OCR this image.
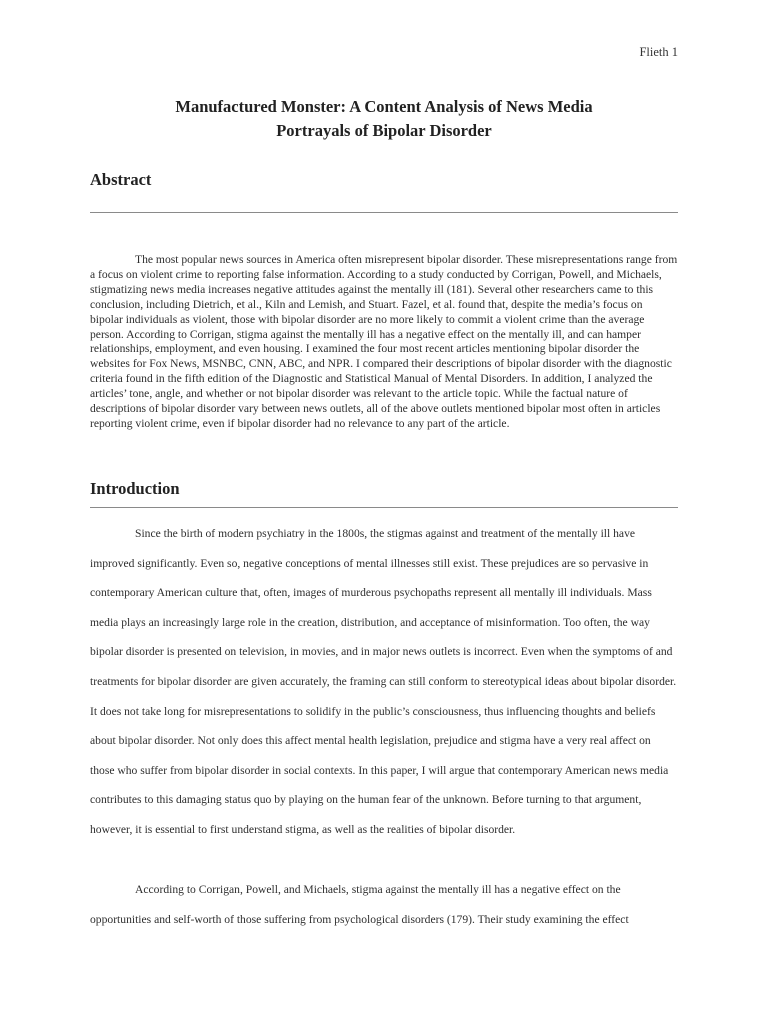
Flieth 1
Manufactured Monster: A Content Analysis of News Media
Portrayals of Bipolar Disorder
Abstract
The most popular news sources in America often misrepresent bipolar disorder. These misrepresentations range from a focus on violent crime to reporting false information. According to a study conducted by Corrigan, Powell, and Michaels, stigmatizing news media increases negative attitudes against the mentally ill (181). Several other researchers came to this conclusion, including Dietrich, et al., Kiln and Lemish, and Stuart. Fazel, et al. found that, despite the media’s focus on bipolar individuals as violent, those with bipolar disorder are no more likely to commit a violent crime than the average person. According to Corrigan, stigma against the mentally ill has a negative effect on the mentally ill, and can hamper relationships, employment, and even housing. I examined the four most recent articles mentioning bipolar disorder the websites for Fox News, MSNBC, CNN, ABC, and NPR. I compared their descriptions of bipolar disorder with the diagnostic criteria found in the fifth edition of the Diagnostic and Statistical Manual of Mental Disorders. In addition, I analyzed the articles’ tone, angle, and whether or not bipolar disorder was relevant to the article topic. While the factual nature of descriptions of bipolar disorder vary between news outlets, all of the above outlets mentioned bipolar most often in articles reporting violent crime, even if bipolar disorder had no relevance to any part of the article.
Introduction
Since the birth of modern psychiatry in the 1800s, the stigmas against and treatment of the mentally ill have improved significantly. Even so, negative conceptions of mental illnesses still exist. These prejudices are so pervasive in contemporary American culture that, often, images of murderous psychopaths represent all mentally ill individuals. Mass media plays an increasingly large role in the creation, distribution, and acceptance of misinformation. Too often, the way bipolar disorder is presented on television, in movies, and in major news outlets is incorrect. Even when the symptoms of and treatments for bipolar disorder are given accurately, the framing can still conform to stereotypical ideas about bipolar disorder. It does not take long for misrepresentations to solidify in the public’s consciousness, thus influencing thoughts and beliefs about bipolar disorder. Not only does this affect mental health legislation, prejudice and stigma have a very real affect on those who suffer from bipolar disorder in social contexts. In this paper, I will argue that contemporary American news media contributes to this damaging status quo by playing on the human fear of the unknown. Before turning to that argument, however, it is essential to first understand stigma, as well as the realities of bipolar disorder.
According to Corrigan, Powell, and Michaels, stigma against the mentally ill has a negative effect on the opportunities and self-worth of those suffering from psychological disorders (179). Their study examining the effect
